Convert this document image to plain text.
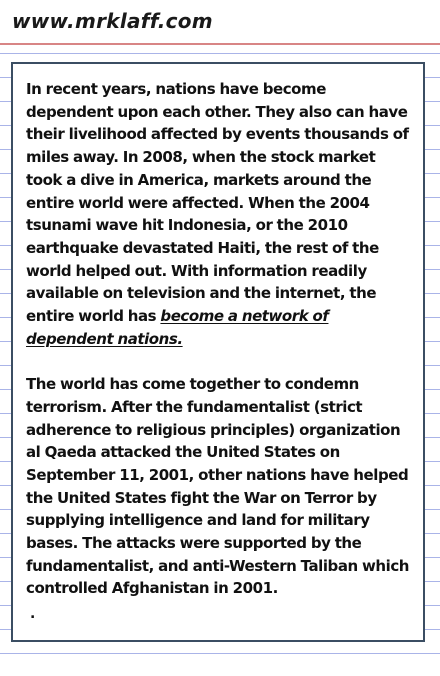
www.mrklaff.com

In recent years, nations have become dependent upon each other. They also can have their livelihood affected by events thousands of miles away. In 2008, when the stock market took a dive in America, markets around the entire world were affected. When the 2004 tsunami wave hit Indonesia, or the 2010 earthquake devastated Haiti, the rest of the world helped out. With information readily available on television and the internet, the entire world has become a network of dependent nations.

The world has come together to condemn terrorism. After the fundamentalist (strict adherence to religious principles) organization al Qaeda attacked the United States on September 11, 2001, other nations have helped the United States fight the War on Terror by supplying intelligence and land for military bases. The attacks were supported by the fundamentalist, and anti-Western Taliban which controlled Afghanistan in 2001.

.
